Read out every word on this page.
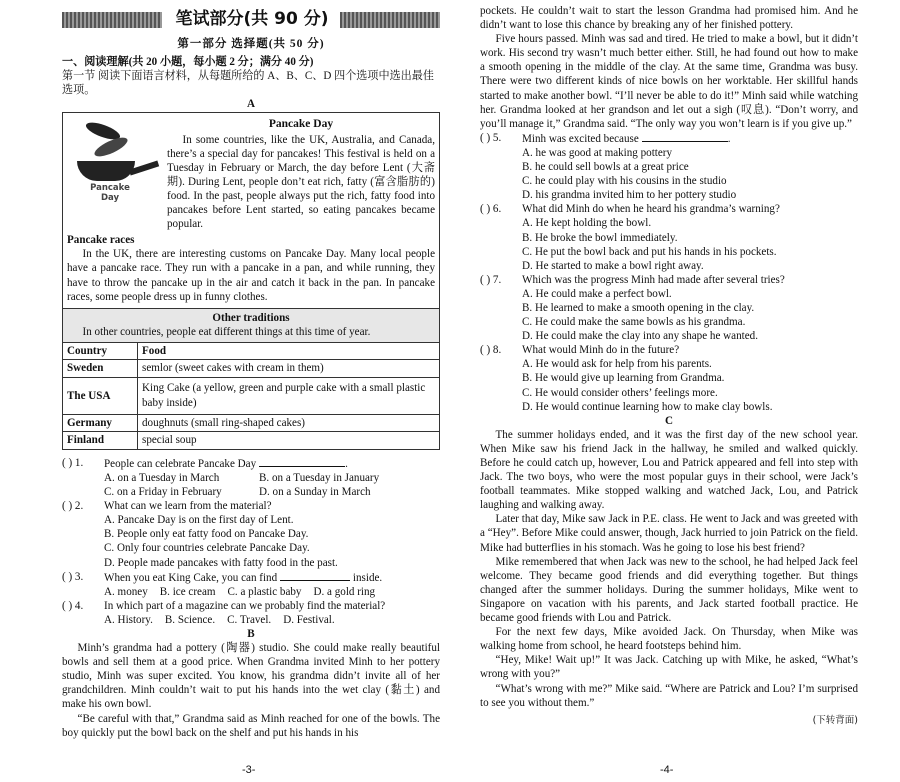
笔试部分(共 90 分)

第一部分 选择题(共 50 分)

一、阅读理解(共 20 小题，每小题 2 分；满分 40 分)

第一节 阅读下面语言材料，从每题所给的 A、B、C、D 四个选项中选出最佳选项。

A

Pancake Day
Pancake Day

In some countries, like the UK, Australia, and Canada, there’s a special day for pancakes! This festival is held on a Tuesday in February or March, the day before Lent (大斋期). During Lent, people don’t eat rich, fatty (富含脂肪的) food. In the past, people always put the rich, fatty food into pancakes before Lent started, so eating pancakes became popular.

Pancake races

In the UK, there are interesting customs on Pancake Day. Many local people have a pancake race. They run with a pancake in a pan, and while running, they have to throw the pancake up in the air and catch it back in the pan. In pancake races, some people dress up in funny clothes.

Other traditions

In other countries, people eat different things at this time of year.

Country	Food
Sweden	semlor (sweet cakes with cream in them)
The USA	King Cake (a yellow, green and purple cake with a small plastic baby inside)
Germany	doughnuts (small ring-shaped cakes)
Finland	special soup
( ) 1.	People can celebrate Pancake Day	.
A. on a Tuesday in March	B. on a Tuesday in January
C. on a Friday in February	D. on a Sunday in March
( ) 2.	What can we learn from the material?
A. Pancake Day is on the first day of Lent.
B. People only eat fatty food on Pancake Day.
C. Only four countries celebrate Pancake Day.
D. People made pancakes with fatty food in the past.
( ) 3.	When you eat King Cake, you can find	inside.
A. money B. ice cream C. a plastic baby D. a gold ring
( ) 4.	In which part of a magazine can we probably find the material?
A. History. B. Science. C. Travel. D. Festival.

B

Minh’s grandma had a pottery (陶器) studio. She could make really beautiful bowls and sell them at a good price. When Grandma invited Minh to her pottery studio, Minh was super excited. You know, his grandma didn’t invite all of her grandchildren. Minh couldn’t wait to put his hands into the wet clay (黏土) and make his own bowl.

“Be careful with that,” Grandma said as Minh reached for one of the bowls. The boy quickly put the bowl back on the shelf and put his hands in his

-3-

pockets. He couldn’t wait to start the lesson Grandma had promised him. And he didn’t want to lose this chance by breaking any of her finished pottery.

Five hours passed. Minh was sad and tired. He tried to make a bowl, but it didn’t work. His second try wasn’t much better either. Still, he had found out how to make a smooth opening in the middle of the clay. At the same time, Grandma was busy. There were two different kinds of nice bowls on her worktable. Her skillful hands started to make another bowl. “I’ll never be able to do it!” Minh said while watching her. Grandma looked at her grandson and let out a sigh (叹息). “Don’t worry, and you’ll manage it,” Grandma said. “The only way you won’t learn is if you give up.”

( ) 5.	Minh was excited because	.
A. he was good at making pottery
B. he could sell bowls at a great price
C. he could play with his cousins in the studio
D. his grandma invited him to her pottery studio
( ) 6.	What did Minh do when he heard his grandma’s warning?
A. He kept holding the bowl.
B. He broke the bowl immediately.
C. He put the bowl back and put his hands in his pockets.
D. He started to make a bowl right away.
( ) 7.	Which was the progress Minh had made after several tries?
A. He could make a perfect bowl.
B. He learned to make a smooth opening in the clay.
C. He could make the same bowls as his grandma.
D. He could make the clay into any shape he wanted.
( ) 8.	What would Minh do in the future?
A. He would ask for help from his parents.
B. He would give up learning from Grandma.
C. He would consider others’ feelings more.
D. He would continue learning how to make clay bowls.

C

The summer holidays ended, and it was the first day of the new school year. When Mike saw his friend Jack in the hallway, he smiled and walked quickly. Before he could catch up, however, Lou and Patrick appeared and fell into step with Jack. The two boys, who were the most popular guys in their school, were Jack’s football teammates. Mike stopped walking and watched Jack, Lou, and Patrick laughing and walking away.

Later that day, Mike saw Jack in P.E. class. He went to Jack and was greeted with a “Hey”. Before Mike could answer, though, Jack hurried to join Patrick on the field. Mike had butterflies in his stomach. Was he going to lose his best friend?

Mike remembered that when Jack was new to the school, he had helped Jack feel welcome. They became good friends and did everything together. But things changed after the summer holidays. During the summer holidays, Mike went to Singapore on vacation with his parents, and Jack started football practice. He became good friends with Lou and Patrick.

For the next few days, Mike avoided Jack. On Thursday, when Mike was walking home from school, he heard footsteps behind him.

“Hey, Mike! Wait up!” It was Jack. Catching up with Mike, he asked, “What’s wrong with you?”

“What’s wrong with me?” Mike said. “Where are Patrick and Lou? I’m surprised to see you without them.”

(下转背面)

-4-
